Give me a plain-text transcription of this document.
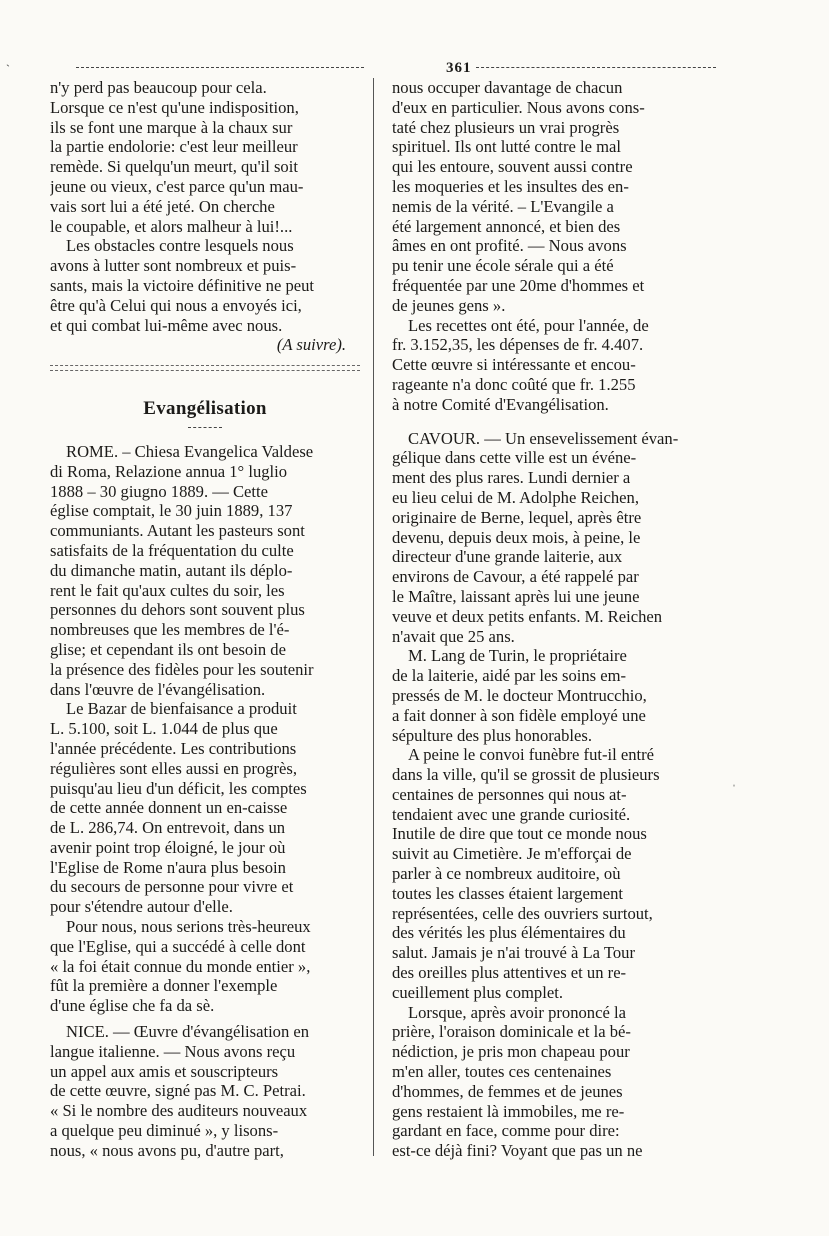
361
n'y perd pas beaucoup pour cela.
Lorsque ce n'est qu'une indisposition,
ils se font une marque à la chaux sur
la partie endolorie: c'est leur meilleur
remède. Si quelqu'un meurt, qu'il soit
jeune ou vieux, c'est parce qu'un mau-
vais sort lui a été jeté. On cherche
le coupable, et alors malheur à lui!...
Les obstacles contre lesquels nous
avons à lutter sont nombreux et puis-
sants, mais la victoire définitive ne peut
être qu'à Celui qui nous a envoyés ici,
et qui combat lui-même avec nous.

(A suivre).

Evangélisation
ROME. – Chiesa Evangelica Valdese
di Roma, Relazione annua 1° luglio
1888 – 30 giugno 1889. — Cette
église comptait, le 30 juin 1889, 137
communiants. Autant les pasteurs sont
satisfaits de la fréquentation du culte
du dimanche matin, autant ils déplo-
rent le fait qu'aux cultes du soir, les
personnes du dehors sont souvent plus
nombreuses que les membres de l'é-
glise; et cependant ils ont besoin de
la présence des fidèles pour les soutenir
dans l'œuvre de l'évangélisation.
Le Bazar de bienfaisance a produit
L. 5.100, soit L. 1.044 de plus que
l'année précédente. Les contributions
régulières sont elles aussi en progrès,
puisqu'au lieu d'un déficit, les comptes
de cette année donnent un en-caisse
de L. 286,74. On entrevoit, dans un
avenir point trop éloigné, le jour où
l'Eglise de Rome n'aura plus besoin
du secours de personne pour vivre et
pour s'étendre autour d'elle.
Pour nous, nous serions très-heureux
que l'Eglise, qui a succédé à celle dont
« la foi était connue du monde entier »,
fût la première a donner l'exemple
d'une église che fa da sè.
NICE. — Œuvre d'évangélisation en
langue italienne. — Nous avons reçu
un appel aux amis et souscripteurs
de cette œuvre, signé pas M. C. Petrai.
« Si le nombre des auditeurs nouveaux
a quelque peu diminué », y lisons-
nous, « nous avons pu, d'autre part,
nous occuper davantage de chacun
d'eux en particulier. Nous avons cons-
taté chez plusieurs un vrai progrès
spirituel. Ils ont lutté contre le mal
qui les entoure, souvent aussi contre
les moqueries et les insultes des en-
nemis de la vérité. – L'Evangile a
été largement annoncé, et bien des
âmes en ont profité. — Nous avons
pu tenir une école sérale qui a été
fréquentée par une 20me d'hommes et
de jeunes gens ».
Les recettes ont été, pour l'année, de
fr. 3.152,35, les dépenses de fr. 4.407.
Cette œuvre si intéressante et encou-
rageante n'a donc coûté que fr. 1.255
à notre Comité d'Evangélisation.
CAVOUR. — Un ensevelissement évan-
gélique dans cette ville est un événe-
ment des plus rares. Lundi dernier a
eu lieu celui de M. Adolphe Reichen,
originaire de Berne, lequel, après être
devenu, depuis deux mois, à peine, le
directeur d'une grande laiterie, aux
environs de Cavour, a été rappelé par
le Maître, laissant après lui une jeune
veuve et deux petits enfants. M. Reichen
n'avait que 25 ans.
M. Lang de Turin, le propriétaire
de la laiterie, aidé par les soins em-
pressés de M. le docteur Montrucchio,
a fait donner à son fidèle employé une
sépulture des plus honorables.
A peine le convoi funèbre fut-il entré
dans la ville, qu'il se grossit de plusieurs
centaines de personnes qui nous at-
tendaient avec une grande curiosité.
Inutile de dire que tout ce monde nous
suivit au Cimetière. Je m'efforçai de
parler à ce nombreux auditoire, où
toutes les classes étaient largement
représentées, celle des ouvriers surtout,
des vérités les plus élémentaires du
salut. Jamais je n'ai trouvé à La Tour
des oreilles plus attentives et un re-
cueillement plus complet.
Lorsque, après avoir prononcé la
prière, l'oraison dominicale et la bé-
nédiction, je pris mon chapeau pour
m'en aller, toutes ces centenaines
d'hommes, de femmes et de jeunes
gens restaient là immobiles, me re-
gardant en face, comme pour dire:
est-ce déjà fini? Voyant que pas un ne
ˋ
ˈ
